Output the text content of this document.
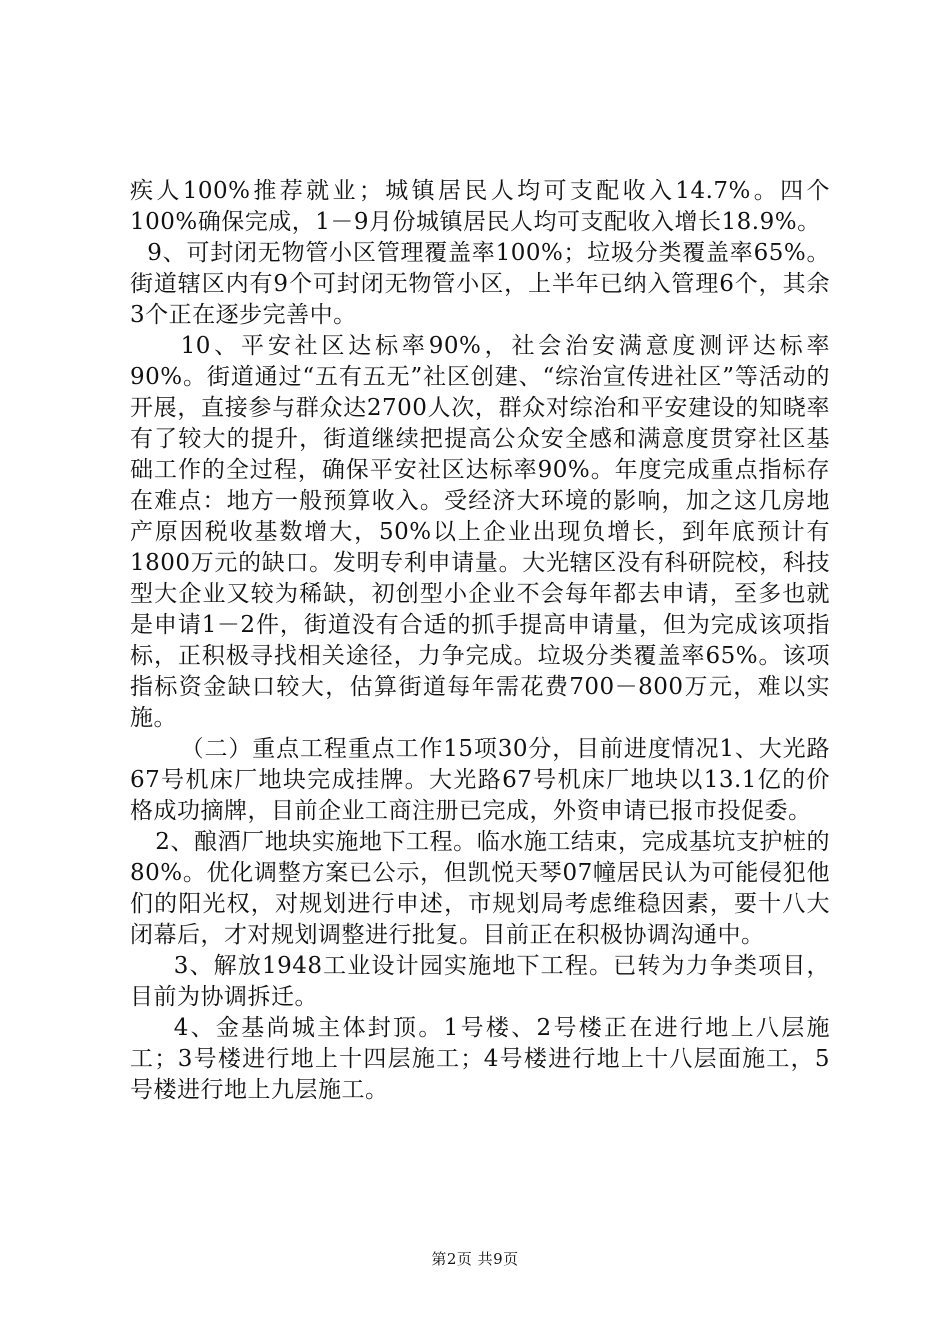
疾人100%推荐就业；城镇居民人均可支配收入14.7%。四个100%确保完成，1－9月份城镇居民人均可支配收入增长18.9%。

9、可封闭无物管小区管理覆盖率100%；垃圾分类覆盖率65%。街道辖区内有9个可封闭无物管小区，上半年已纳入管理6个，其余3个正在逐步完善中。

10、平安社区达标率90%，社会治安满意度测评达标率90%。街道通过“五有五无”社区创建、“综治宣传进社区”等活动的开展，直接参与群众达2700人次，群众对综治和平安建设的知晓率有了较大的提升，街道继续把提高公众安全感和满意度贯穿社区基础工作的全过程，确保平安社区达标率90%。年度完成重点指标存在难点：地方一般预算收入。受经济大环境的影响，加之这几房地产原因税收基数增大，50%以上企业出现负增长，到年底预计有1800万元的缺口。发明专利申请量。大光辖区没有科研院校，科技型大企业又较为稀缺，初创型小企业不会每年都去申请，至多也就是申请1－2件，街道没有合适的抓手提高申请量，但为完成该项指标，正积极寻找相关途径，力争完成。垃圾分类覆盖率65%。该项指标资金缺口较大，估算街道每年需花费700－800万元，难以实施。

（二）重点工程重点工作15项30分，目前进度情况1、大光路67号机床厂地块完成挂牌。大光路67号机床厂地块以13.1亿的价格成功摘牌，目前企业工商注册已完成，外资申请已报市投促委。

2、酿酒厂地块实施地下工程。临水施工结束，完成基坑支护桩的80%。优化调整方案已公示，但凯悦天琴07幢居民认为可能侵犯他们的阳光权，对规划进行申述，市规划局考虑维稳因素，要十八大闭幕后，才对规划调整进行批复。目前正在积极协调沟通中。

3、解放1948工业设计园实施地下工程。已转为力争类项目，目前为协调拆迁。

4、金基尚城主体封顶。1号楼、2号楼正在进行地上八层施工；3号楼进行地上十四层施工；4号楼进行地上十八层面施工，5号楼进行地上九层施工。

第2页 共9页
